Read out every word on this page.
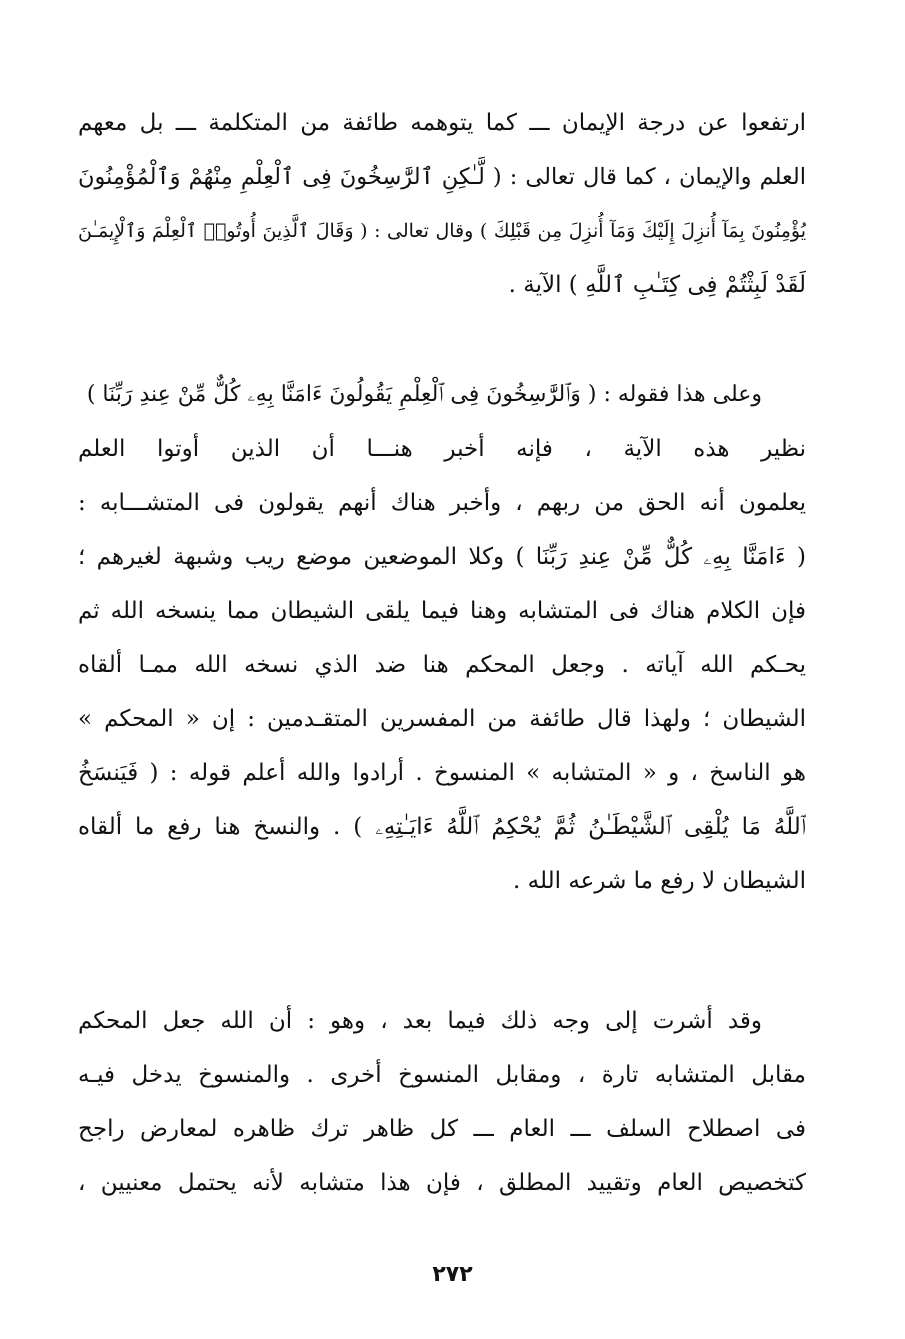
ارتفعوا عن درجة الإيمان ـــ كما يتوهمه طائفة من المتكلمة ـــ بل معهم
العلم والإيمان ، كما قال تعالى : ( لَّـٰكِنِ ٱلرَّٰسِخُونَ فِى ٱلْعِلْمِ مِنْهُمْ وَٱلْمُؤْمِنُونَ
يُؤْمِنُونَ بِمَآ أُنزِلَ إِلَيْكَ وَمَآ أُنزِلَ مِن قَبْلِكَ ) وقال تعالى : ( وَقَالَ ٱلَّذِينَ أُوتُوا۟ ٱلْعِلْمَ وَٱلْإِيمَـٰنَ
لَقَدْ لَبِثْتُمْ فِى كِتَـٰبِ ٱللَّهِ ) الآية .
وعلى هذا فقوله : ( وَٱلرَّٰسِخُونَ فِى ٱلْعِلْمِ يَقُولُونَ ءَامَنَّا بِهِۦ كُلٌّ مِّنْ عِندِ رَبِّنَا )
نظير هذه الآية ، فإنه أخبر هنـــا أن الذين أوتوا العلم
يعلمون أنه الحق من ربهم ، وأخبر هناك أنهم يقولون فى المتشـــابه :
( ءَامَنَّا بِهِۦ كُلٌّ مِّنْ عِندِ رَبِّنَا ) وكلا الموضعين موضع ريب وشبهة لغيرهم ؛
فإن الكلام هناك فى المتشابه وهنا فيما يلقى الشيطان مما ينسخه الله ثم
يحـكم الله آياته . وجعل المحكم هنا ضد الذي نسخه الله ممـا ألقاه
الشيطان ؛ ولهذا قال طائفة من المفسرين المتقـدمين : إن « المحكم »
هو الناسخ ، و « المتشابه » المنسوخ . أرادوا والله أعلم قوله : ( فَيَنسَخُ
ٱللَّهُ مَا يُلْقِى ٱلشَّيْطَـٰنُ ثُمَّ يُحْكِمُ ٱللَّهُ ءَايَـٰتِهِۦ ) . والنسخ هنا رفع ما ألقاه
الشيطان لا رفع ما شرعه الله .
وقد أشرت إلى وجه ذلك فيما بعد ، وهو : أن الله جعل المحكم
مقابل المتشابه تارة ، ومقابل المنسوخ أخرى . والمنسوخ يدخل فيـه
فى اصطلاح السلف ـــ العام ـــ كل ظاهر ترك ظاهره لمعارض راجح
كتخصيص العام وتقييد المطلق ، فإن هذا متشابه لأنه يحتمل معنيين ،
٢٧٢
